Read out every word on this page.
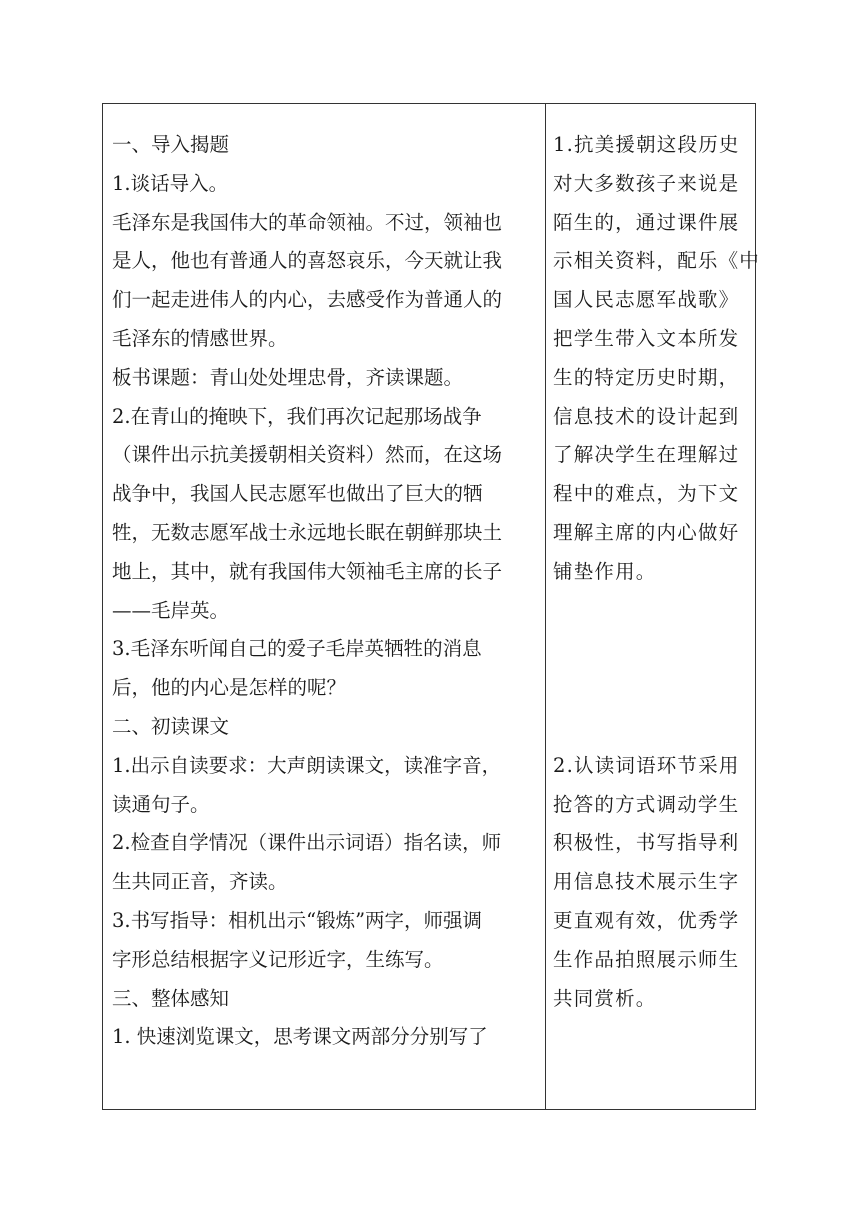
一、导入揭题
1.谈话导入。
毛泽东是我国伟大的革命领袖。不过，领袖也
是人，他也有普通人的喜怒哀乐，今天就让我
们一起走进伟人的内心，去感受作为普通人的
毛泽东的情感世界。
板书课题：青山处处埋忠骨，齐读课题。
2.在青山的掩映下，我们再次记起那场战争
（课件出示抗美援朝相关资料）然而，在这场
战争中，我国人民志愿军也做出了巨大的牺
牲，无数志愿军战士永远地长眠在朝鲜那块土
地上，其中，就有我国伟大领袖毛主席的长子
——毛岸英。
3.毛泽东听闻自己的爱子毛岸英牺牲的消息
后，他的内心是怎样的呢？
二、初读课文
1.出示自读要求：大声朗读课文，读准字音，
读通句子。
2.检查自学情况（课件出示词语）指名读，师
生共同正音，齐读。
3.书写指导：相机出示“锻炼”两字，师强调
字形总结根据字义记形近字，生练写。
三、整体感知
1. 快速浏览课文，思考课文两部分分别写了
1.抗美援朝这段历史
对大多数孩子来说是
陌生的，通过课件展
示相关资料，配乐《中
国人民志愿军战歌》
把学生带入文本所发
生的特定历史时期，
信息技术的设计起到
了解决学生在理解过
程中的难点，为下文
理解主席的内心做好
铺垫作用。
2.认读词语环节采用
抢答的方式调动学生
积极性，书写指导利
用信息技术展示生字
更直观有效，优秀学
生作品拍照展示师生
共同赏析。
